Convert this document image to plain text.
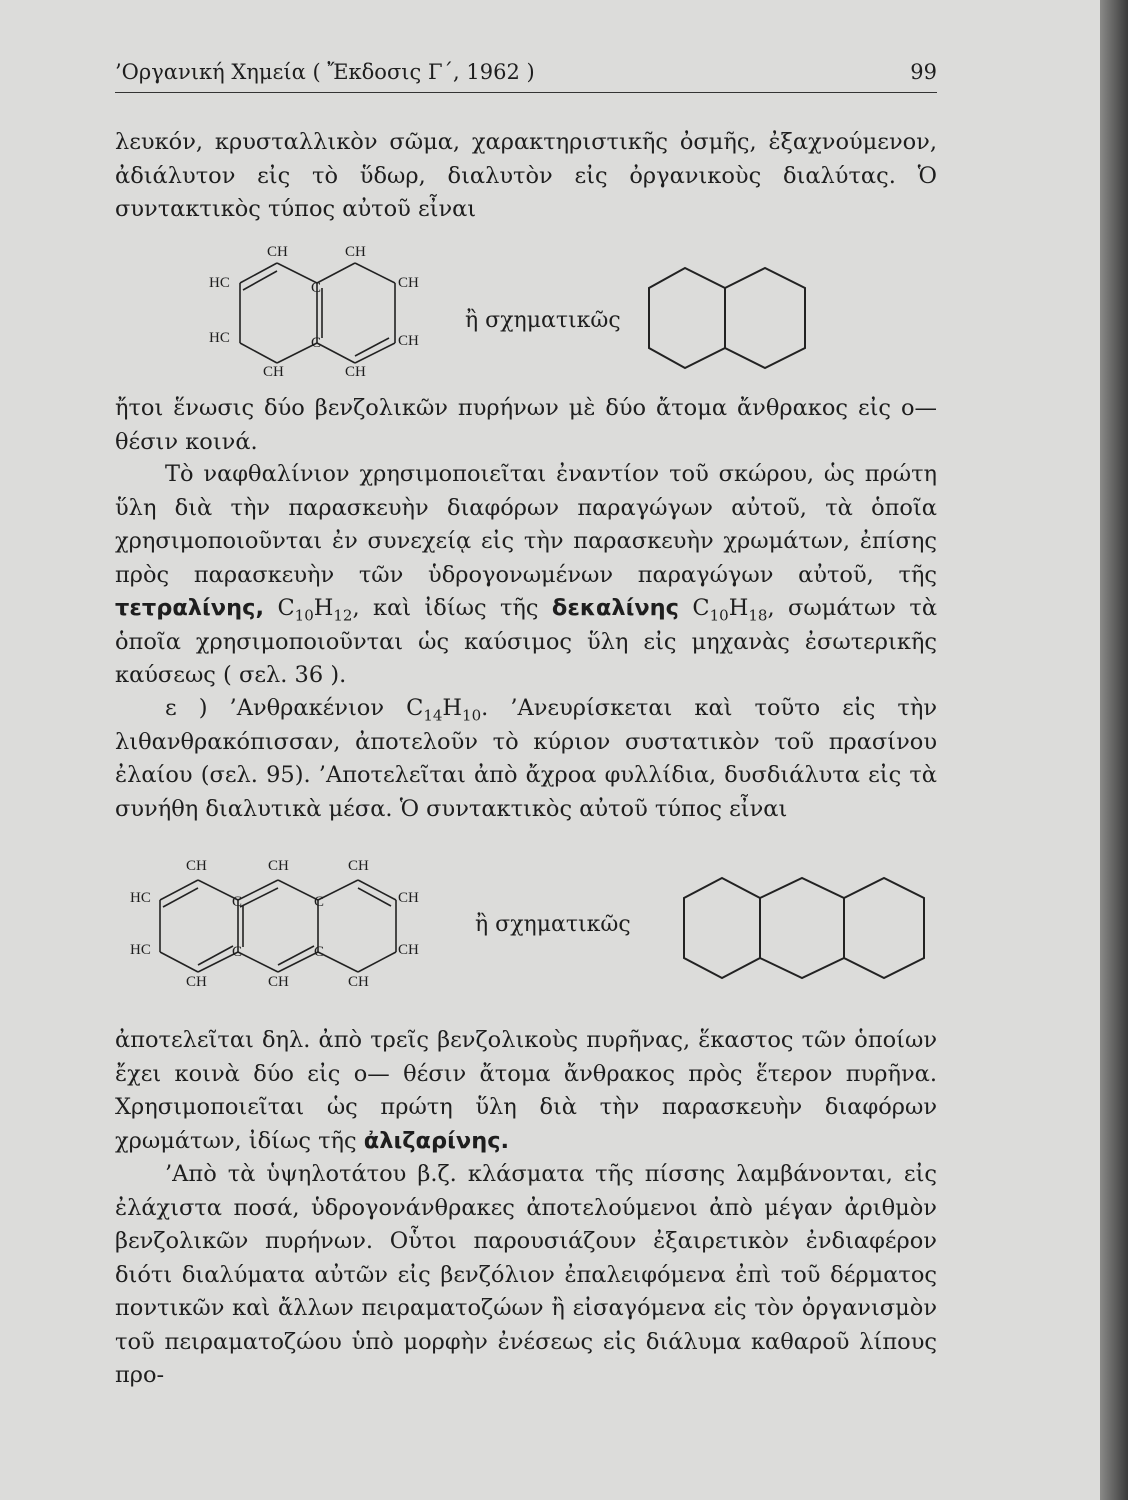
’Οργανική Χημεία ( Ἔκδοσις Γ΄, 1962 )	99

λευκόν, κρυσταλλικὸν σῶμα, χαρακτηριστικῆς ὀσμῆς, ἐξαχνούμενον, ἀδιάλυτον εἰς τὸ ὕδωρ, διαλυτὸν εἰς ὀργανικοὺς διαλύτας. Ὁ συντακτικὸς τύπος αὐτοῦ εἶναι

CH	CH
HC	C	CH
HC	C	CH
CH	CH
ἢ σχηματικῶς

ἤτοι ἕνωσις δύο βενζολικῶν πυρήνων μὲ δύο ἄτομα ἄνθρακος εἰς o—θέσιν κοινά.

Τὸ ναφθαλίνιον χρησιμοποιεῖται ἐναντίον τοῦ σκώρου, ὡς πρώτη ὕλη διὰ τὴν παρασκευὴν διαφόρων παραγώγων αὐτοῦ, τὰ ὁποῖα χρησιμοποιοῦνται ἐν συνεχείᾳ εἰς τὴν παρασκευὴν χρωμάτων, ἐπίσης πρὸς παρασκευὴν τῶν ὑδρογονωμένων παραγώγων αὐτοῦ, τῆς τετραλίνης, $C_{10}H_{12}$, καὶ ἰδίως τῆς δεκαλίνης $C_{10}H_{18}$, σωμάτων τὰ ὁποῖα χρησιμοποιοῦνται ὡς καύσιμος ὕλη εἰς μηχανὰς ἐσωτερικῆς καύσεως ( σελ. 36 ).

ε ) ’Ανθρακένιον $C_{14}H_{10}$. ’Ανευρίσκεται καὶ τοῦτο εἰς τὴν λιθανθρακόπισσαν, ἀποτελοῦν τὸ κύριον συστατικὸν τοῦ πρασίνου ἐλαίου (σελ. 95). ’Αποτελεῖται ἀπὸ ἄχροα φυλλίδια, δυσδιάλυτα εἰς τὰ συνήθη διαλυτικὰ μέσα. Ὁ συντακτικὸς αὐτοῦ τύπος εἶναι

CH	CH	CH
HC	C	C	CH
HC	C	C	CH
CH	CH	CH
ἢ σχηματικῶς

ἀποτελεῖται δηλ. ἀπὸ τρεῖς βενζολικοὺς πυρῆνας, ἕκαστος τῶν ὁποίων ἔχει κοινὰ δύο εἰς o— θέσιν ἄτομα ἄνθρακος πρὸς ἕτερον πυρῆνα. Χρησιμοποιεῖται ὡς πρώτη ὕλη διὰ τὴν παρασκευὴν διαφόρων χρωμάτων, ἰδίως τῆς ἀλιζαρίνης.

’Απὸ τὰ ὑψηλοτάτου β.ζ. κλάσματα τῆς πίσσης λαμβάνονται, εἰς ἐλάχιστα ποσά, ὑδρογονάνθρακες ἀποτελούμενοι ἀπὸ μέγαν ἀριθμὸν βενζολικῶν πυρήνων. Οὗτοι παρουσιάζουν ἐξαιρετικὸν ἐνδιαφέρον διότι διαλύματα αὐτῶν εἰς βενζόλιον ἐπαλειφόμενα ἐπὶ τοῦ δέρματος ποντικῶν καὶ ἄλλων πειραματοζώων ἢ εἰσαγόμενα εἰς τὸν ὀργανισμὸν τοῦ πειραματοζώου ὑπὸ μορφὴν ἐνέσεως εἰς διάλυμα καθαροῦ λίπους προ-
